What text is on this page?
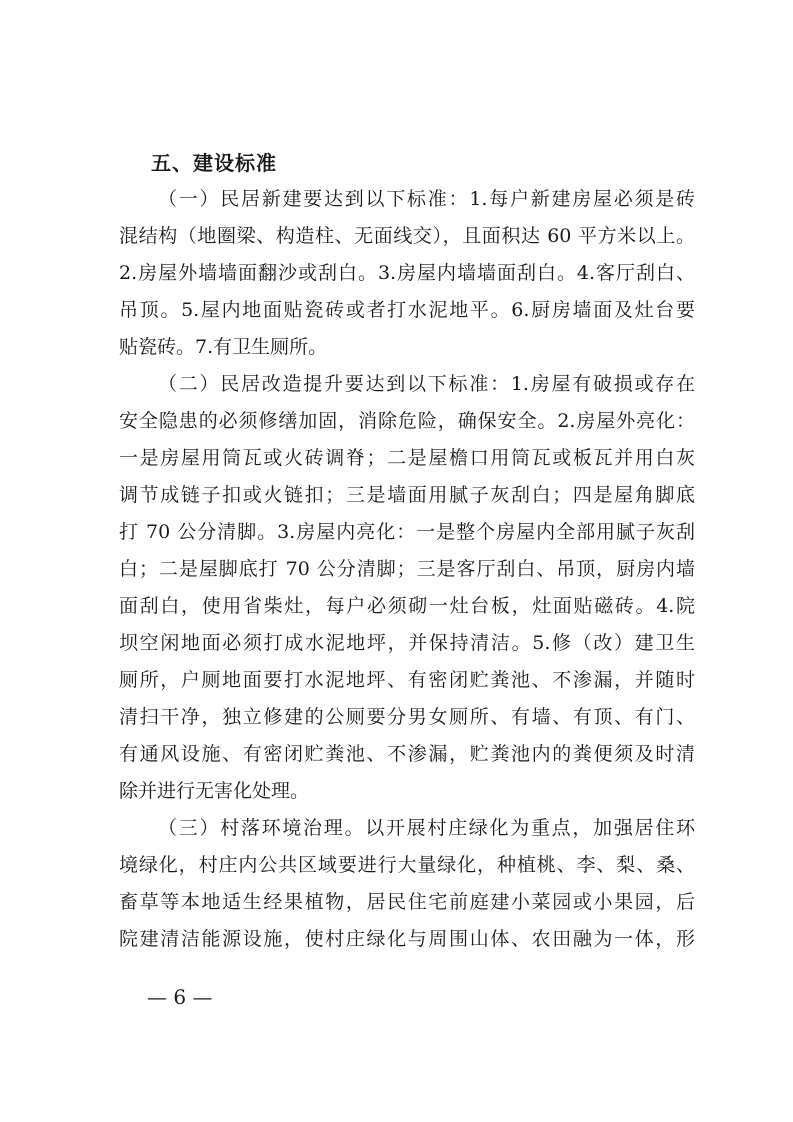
五、建设标准
（一）民居新建要达到以下标准：1.每户新建房屋必须是砖
混结构（地圈梁、构造柱、无面线交），且面积达 60 平方米以上。
2.房屋外墙墙面翻沙或刮白。3.房屋内墙墙面刮白。4.客厅刮白、
吊顶。5.屋内地面贴瓷砖或者打水泥地平。6.厨房墙面及灶台要
贴瓷砖。7.有卫生厕所。
（二）民居改造提升要达到以下标准：1.房屋有破损或存在
安全隐患的必须修缮加固，消除危险，确保安全。2.房屋外亮化：
一是房屋用筒瓦或火砖调脊；二是屋檐口用筒瓦或板瓦并用白灰
调节成链子扣或火链扣；三是墙面用腻子灰刮白；四是屋角脚底
打 70 公分清脚。3.房屋内亮化：一是整个房屋内全部用腻子灰刮
白；二是屋脚底打 70 公分清脚；三是客厅刮白、吊顶，厨房内墙
面刮白，使用省柴灶，每户必须砌一灶台板，灶面贴磁砖。4.院
坝空闲地面必须打成水泥地坪，并保持清洁。5.修（改）建卫生
厕所，户厕地面要打水泥地坪、有密闭贮粪池、不渗漏，并随时
清扫干净，独立修建的公厕要分男女厕所、有墙、有顶、有门、
有通风设施、有密闭贮粪池、不渗漏，贮粪池内的粪便须及时清
除并进行无害化处理。
（三）村落环境治理。以开展村庄绿化为重点，加强居住环
境绿化，村庄内公共区域要进行大量绿化，种植桃、李、梨、桑、
畜草等本地适生经果植物，居民住宅前庭建小菜园或小果园，后
院建清洁能源设施，使村庄绿化与周围山体、农田融为一体，形
— 6 —
